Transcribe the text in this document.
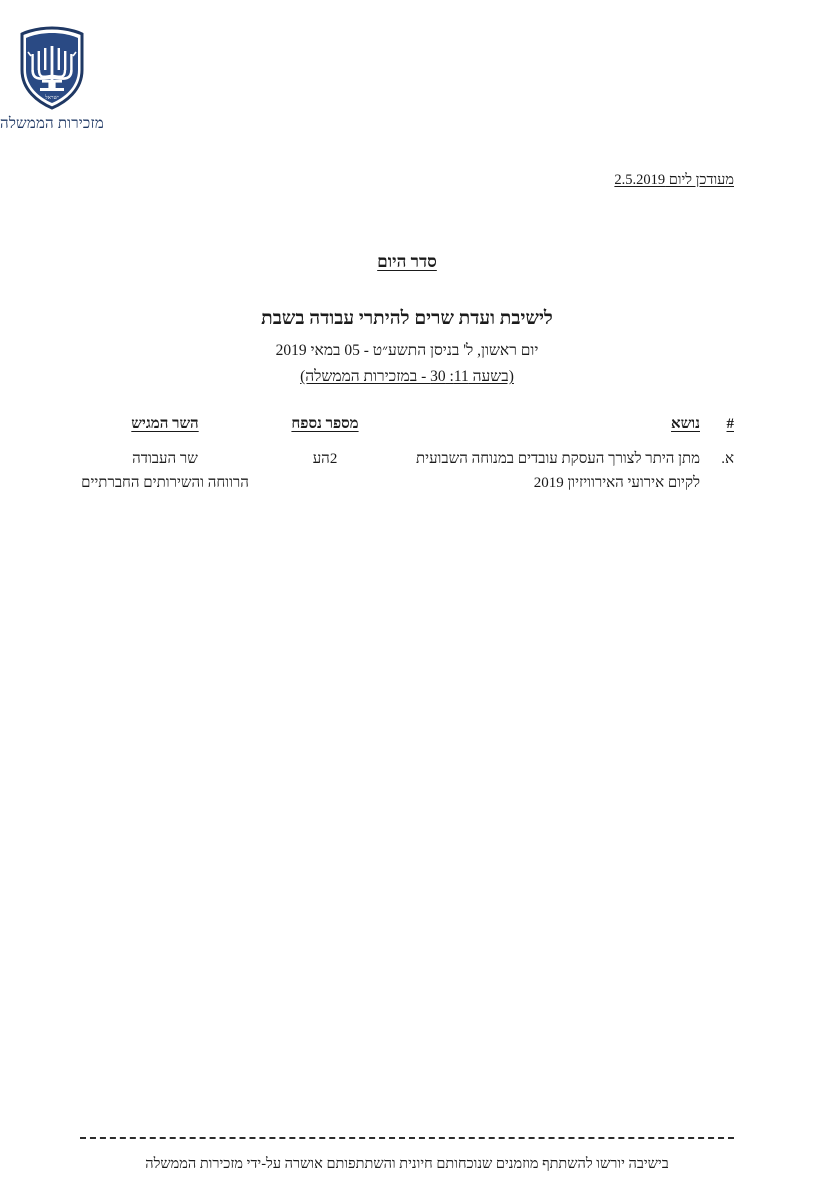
ישראל
מזכירות הממשלה
מעודכן ליום 2.5.2019
סדר היום
לישיבת ועדת שרים להיתרי עבודה בשבת
יום ראשון, ל' בניסן התשע״ט - 05 במאי 2019
(בשעה 11: 30 - במזכירות הממשלה)
#	נושא	מספר נספח	השר המגיש
א.	מתן היתר לצורך העסקת עובדים במנוחה השבועית לקיום אירועי האירוויזיון 2019	2הע	שר העבודה
הרווחה והשירותים החברתיים
בישיבה יורשו להשתתף מוזמנים שנוכחותם חיונית והשתתפותם אושרה על-ידי מזכירות הממשלה
